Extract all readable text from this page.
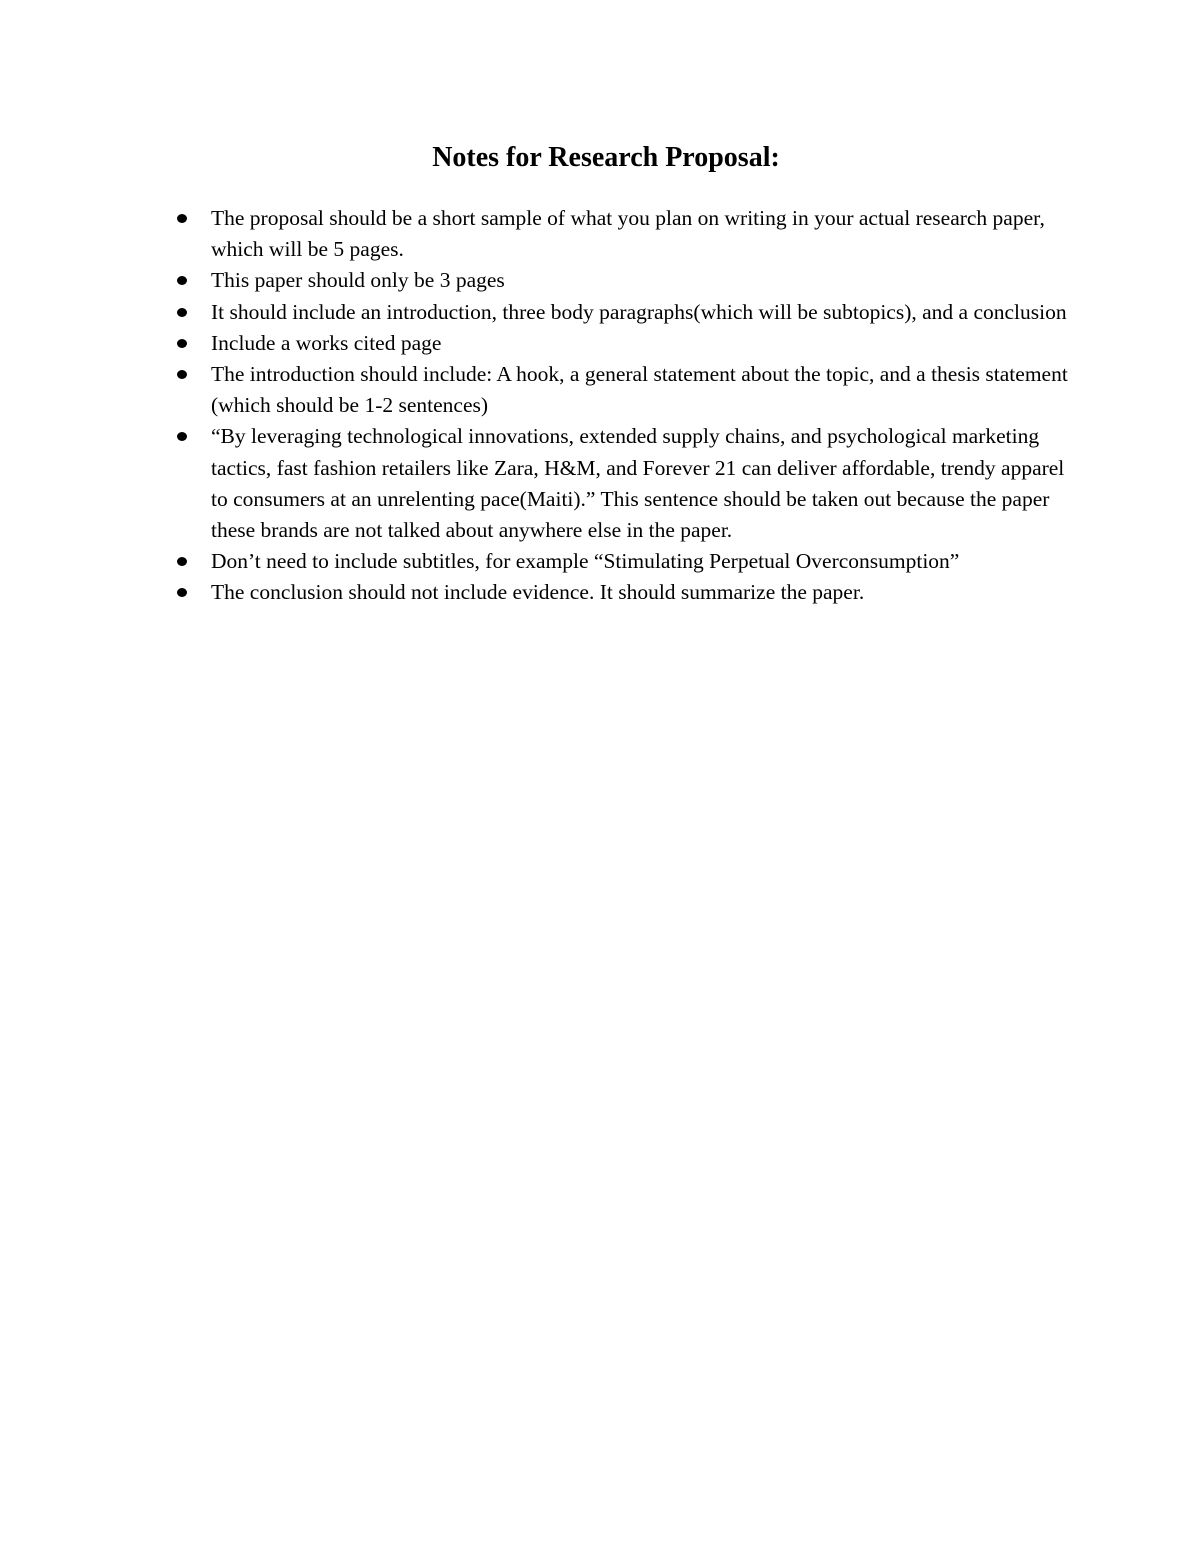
Notes for Research Proposal:
The proposal should be a short sample of what you plan on writing in your actual research paper, which will be 5 pages.
This paper should only be 3 pages
It should include an introduction, three body paragraphs(which will be subtopics), and a conclusion
Include a works cited page
The introduction should include: A hook, a general statement about the topic, and a thesis statement (which should be 1-2 sentences)
“By leveraging technological innovations, extended supply chains, and psychological marketing tactics, fast fashion retailers like Zara, H&M, and Forever 21 can deliver affordable, trendy apparel to consumers at an unrelenting pace(Maiti).” This sentence should be taken out because the paper these brands are not talked about anywhere else in the paper.
Don’t need to include subtitles, for example “Stimulating Perpetual Overconsumption”
The conclusion should not include evidence. It should summarize the paper.
